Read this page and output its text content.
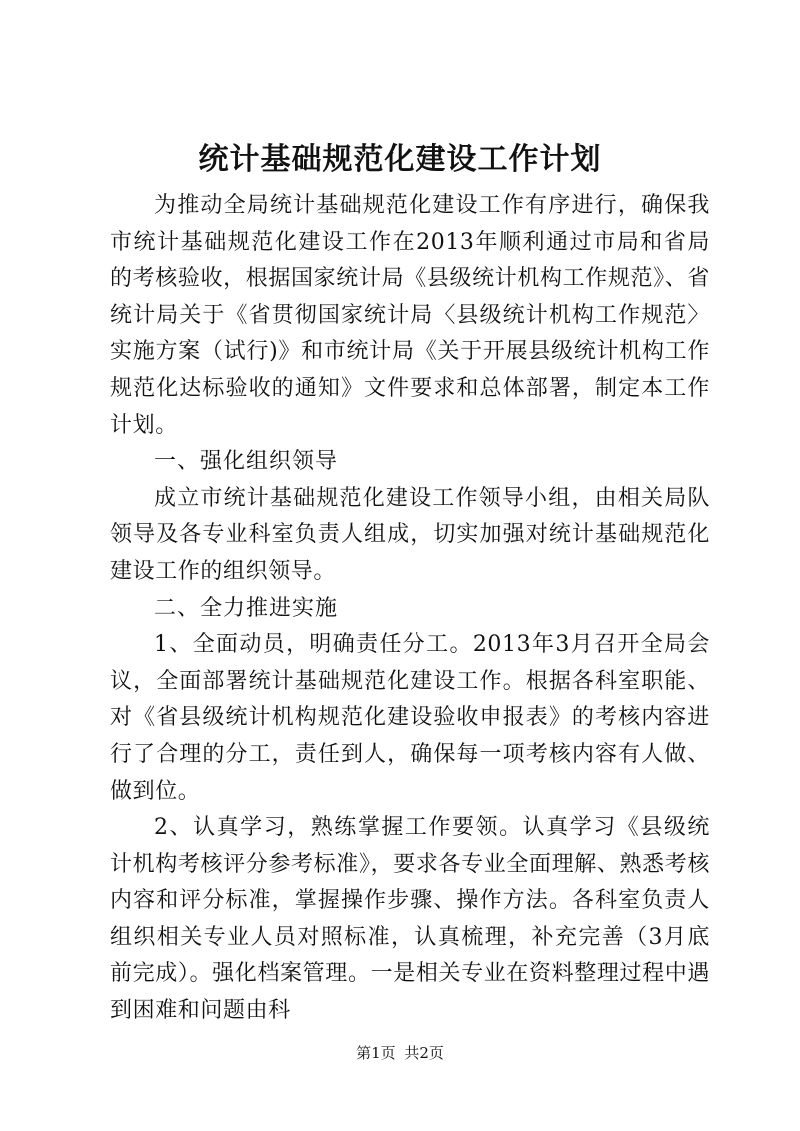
统计基础规范化建设工作计划

为推动全局统计基础规范化建设工作有序进行，确保我市统计基础规范化建设工作在2013年顺利通过市局和省局的考核验收，根据国家统计局《县级统计机构工作规范》、省统计局关于《省贯彻国家统计局〈县级统计机构工作规范〉实施方案（试行)》和市统计局《关于开展县级统计机构工作规范化达标验收的通知》文件要求和总体部署，制定本工作计划。

一、强化组织领导

成立市统计基础规范化建设工作领导小组，由相关局队领导及各专业科室负责人组成，切实加强对统计基础规范化建设工作的组织领导。

二、全力推进实施

1、全面动员，明确责任分工。2013年3月召开全局会议，全面部署统计基础规范化建设工作。根据各科室职能、对《省县级统计机构规范化建设验收申报表》的考核内容进行了合理的分工，责任到人，确保每一项考核内容有人做、做到位。

2、认真学习，熟练掌握工作要领。认真学习《县级统计机构考核评分参考标准》，要求各专业全面理解、熟悉考核内容和评分标准，掌握操作步骤、操作方法。各科室负责人组织相关专业人员对照标准，认真梳理，补充完善（3月底前完成）。强化档案管理。一是相关专业在资料整理过程中遇到困难和问题由科

第1页 共2页
